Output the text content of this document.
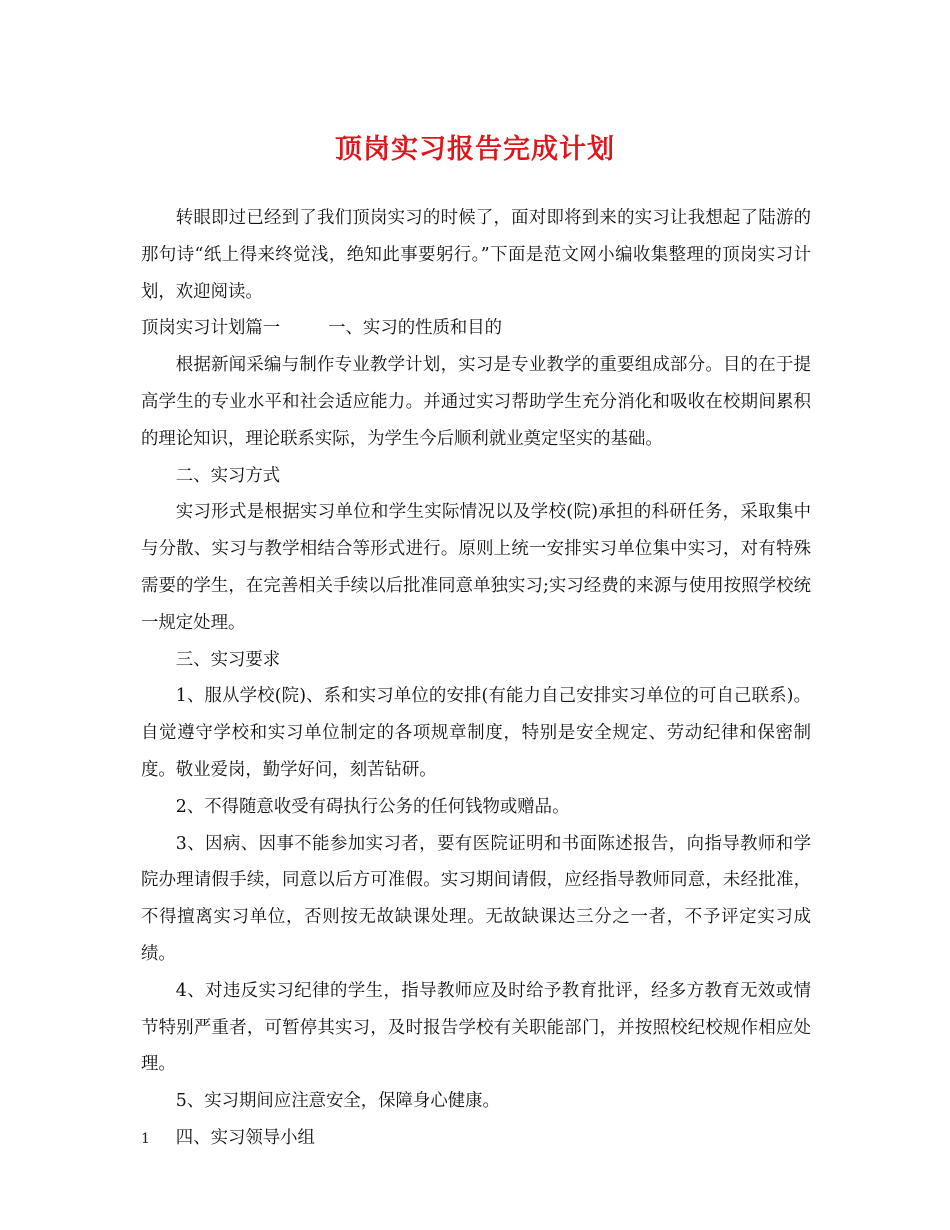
顶岗实习报告完成计划

转眼即过已经到了我们顶岗实习的时候了，面对即将到来的实习让我想起了陆游的那句诗“纸上得来终觉浅，绝知此事要躬行。”下面是范文网小编收集整理的顶岗实习计划，欢迎阅读。

顶岗实习计划篇一	一、实习的性质和目的

根据新闻采编与制作专业教学计划，实习是专业教学的重要组成部分。目的在于提高学生的专业水平和社会适应能力。并通过实习帮助学生充分消化和吸收在校期间累积的理论知识，理论联系实际，为学生今后顺利就业奠定坚实的基础。

二、实习方式

实习形式是根据实习单位和学生实际情况以及学校(院)承担的科研任务，采取集中与分散、实习与教学相结合等形式进行。原则上统一安排实习单位集中实习，对有特殊需要的学生，在完善相关手续以后批准同意单独实习;实习经费的来源与使用按照学校统一规定处理。

三、实习要求

1、服从学校(院)、系和实习单位的安排(有能力自己安排实习单位的可自己联系)。自觉遵守学校和实习单位制定的各项规章制度，特别是安全规定、劳动纪律和保密制度。敬业爱岗，勤学好问，刻苦钻研。

2、不得随意收受有碍执行公务的任何钱物或赠品。

3、因病、因事不能参加实习者，要有医院证明和书面陈述报告，向指导教师和学院办理请假手续，同意以后方可准假。实习期间请假，应经指导教师同意，未经批准，不得擅离实习单位，否则按无故缺课处理。无故缺课达三分之一者，不予评定实习成绩。

4、对违反实习纪律的学生，指导教师应及时给予教育批评，经多方教育无效或情节特别严重者，可暂停其实习，及时报告学校有关职能部门，并按照校纪校规作相应处理。

5、实习期间应注意安全，保障身心健康。

四、实习领导小组

1
